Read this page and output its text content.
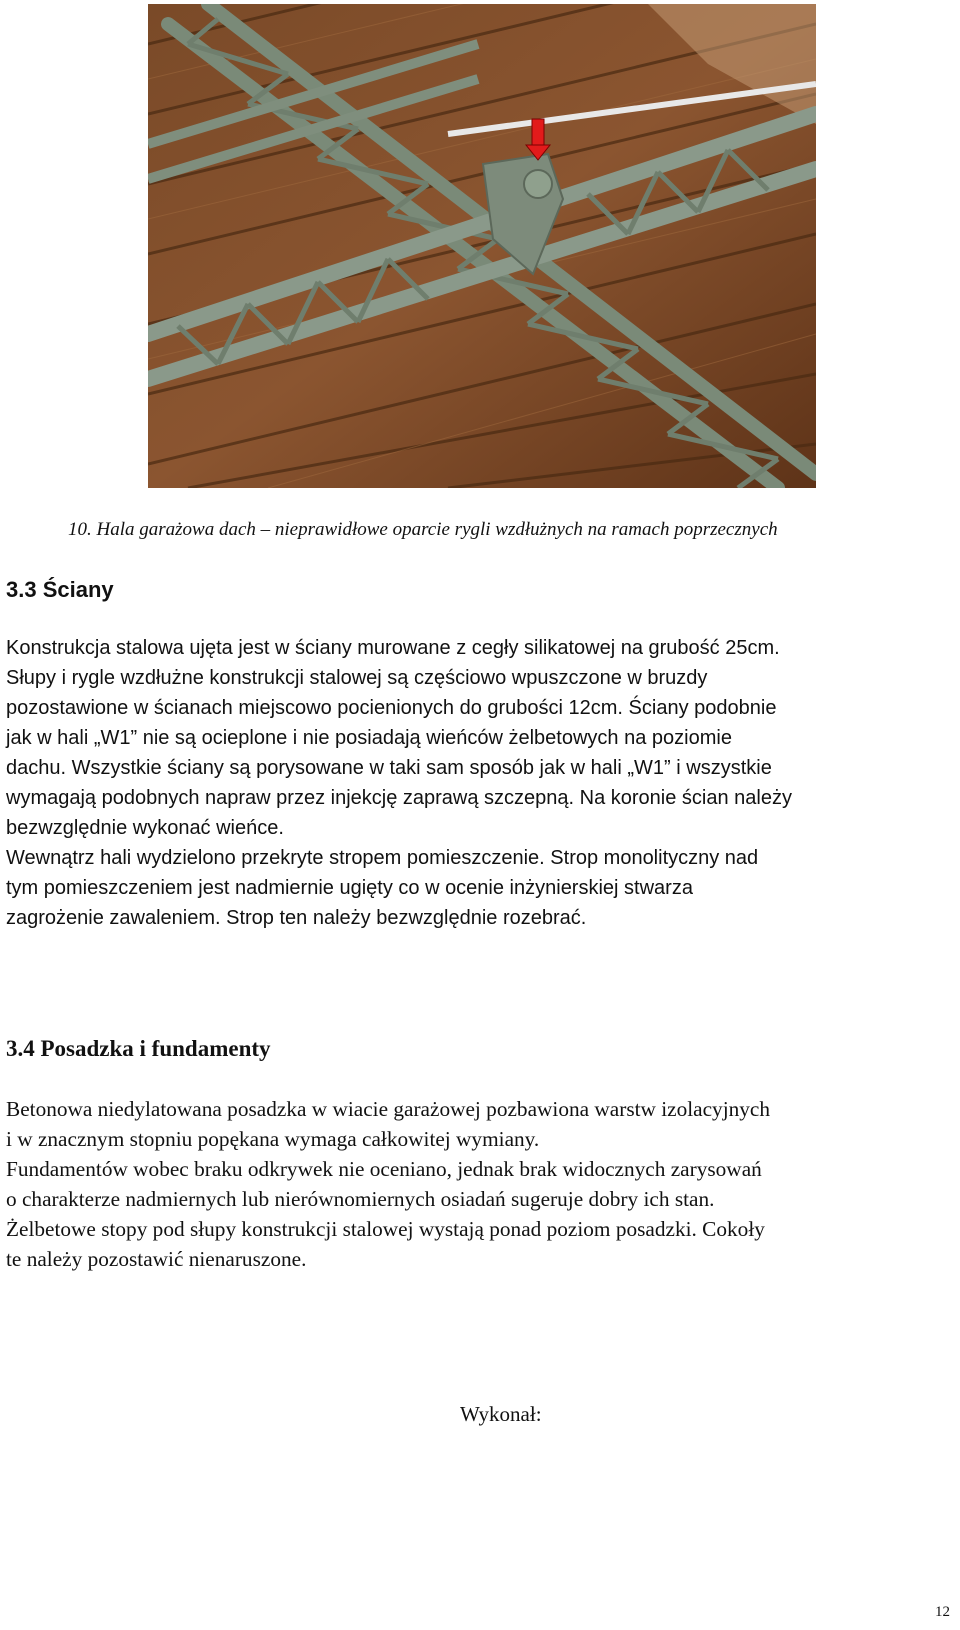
10. Hala garażowa dach – nieprawidłowe oparcie rygli wzdłużnych na ramach poprzecznych
3.3 Ściany

Konstrukcja stalowa ujęta jest w ściany murowane z cegły silikatowej na grubość 25cm.
Słupy i rygle wzdłużne konstrukcji stalowej są częściowo wpuszczone w bruzdy
pozostawione w ścianach miejscowo pocienionych do grubości 12cm. Ściany podobnie
jak w hali „W1” nie są ocieplone i nie posiadają wieńców żelbetowych na poziomie
dachu. Wszystkie ściany są porysowane w taki sam sposób jak w hali „W1” i wszystkie
wymagają podobnych napraw przez injekcję zaprawą szczepną. Na koronie ścian należy
bezwzględnie wykonać wieńce.
Wewnątrz hali wydzielono przekryte stropem pomieszczenie. Strop monolityczny nad
tym pomieszczeniem jest nadmiernie ugięty co w ocenie inżynierskiej stwarza
zagrożenie zawaleniem. Strop ten należy bezwzględnie rozebrać.

3.4 Posadzka i fundamenty

Betonowa niedylatowana posadzka w wiacie garażowej pozbawiona warstw izolacyjnych
i w znacznym stopniu popękana wymaga całkowitej wymiany.
Fundamentów wobec braku odkrywek nie oceniano, jednak brak widocznych zarysowań
o charakterze nadmiernych lub nierównomiernych osiadań sugeruje dobry ich stan.
Żelbetowe stopy pod słupy konstrukcji stalowej wystają ponad poziom posadzki. Cokoły
te należy pozostawić nienaruszone.

Wykonał:
12
